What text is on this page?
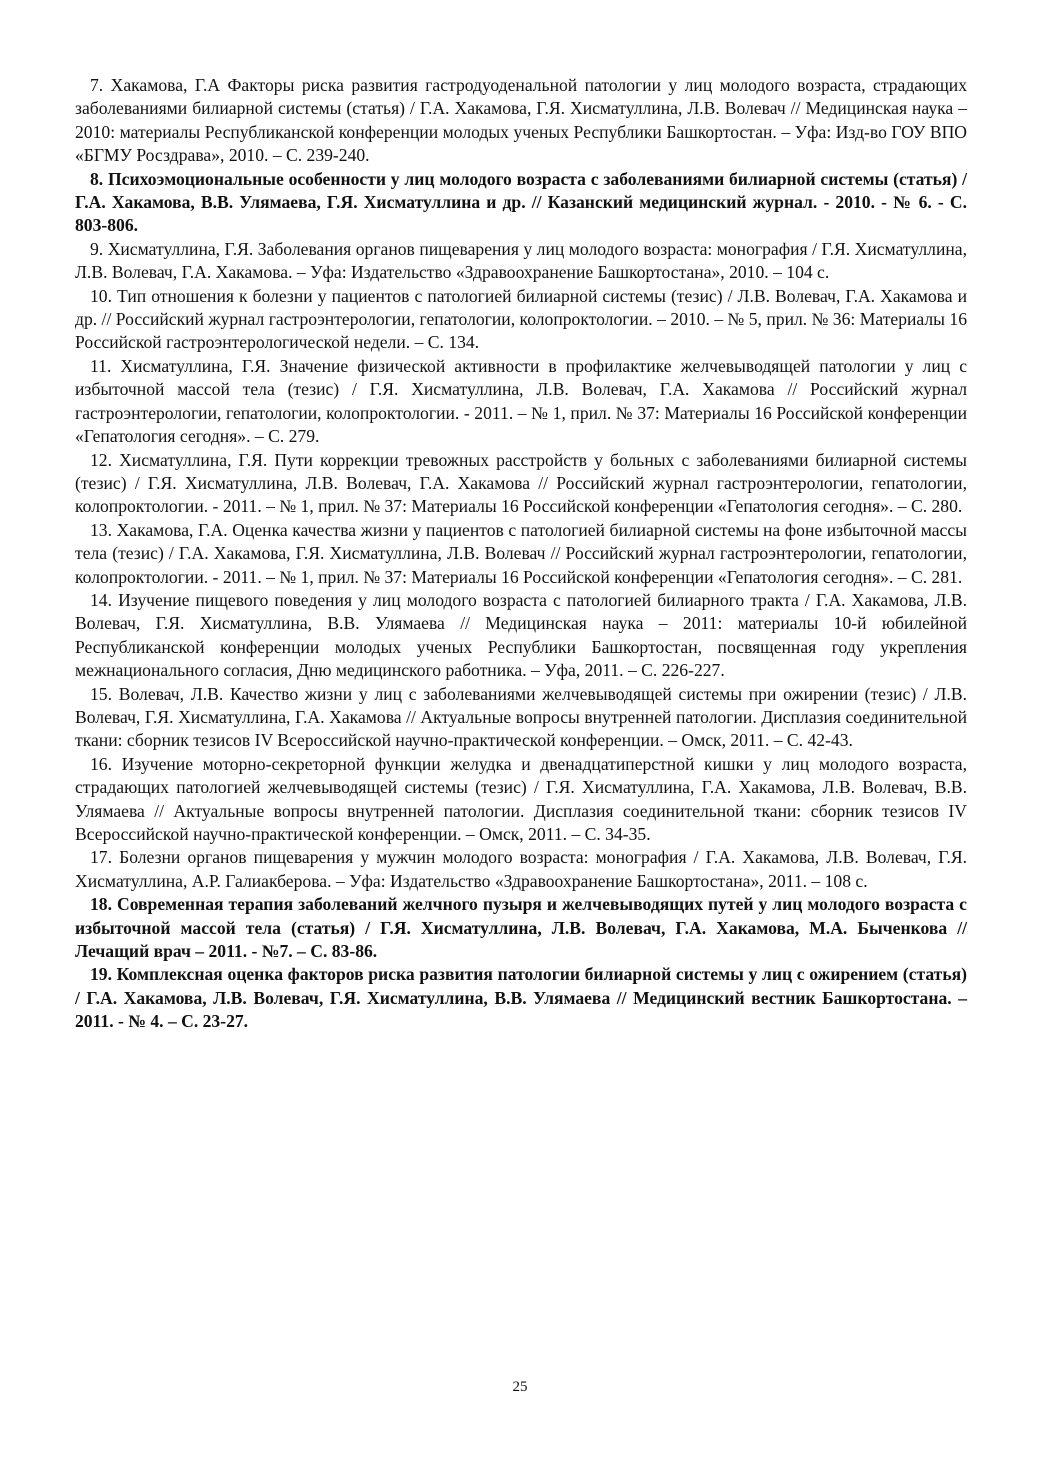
7. Хакамова, Г.А Факторы риска развития гастродуоденальной патологии у лиц молодого возраста, страдающих заболеваниями билиарной системы (статья) / Г.А. Хакамова, Г.Я. Хисматуллина, Л.В. Волевач // Медицинская наука – 2010: материалы Республиканской конференции молодых ученых Республики Башкортостан. – Уфа: Изд-во ГОУ ВПО «БГМУ Росздрава», 2010. – С. 239-240.

8. Психоэмоциональные особенности у лиц молодого возраста с заболеваниями билиарной системы (статья) / Г.А. Хакамова, В.В. Улямаева, Г.Я. Хисматуллина и др. // Казанский медицинский журнал. - 2010. - № 6. - С. 803-806.

9. Хисматуллина, Г.Я. Заболевания органов пищеварения у лиц молодого возраста: монография / Г.Я. Хисматуллина, Л.В. Волевач, Г.А. Хакамова. – Уфа: Издательство «Здравоохранение Башкортостана», 2010. – 104 с.

10. Тип отношения к болезни у пациентов с патологией билиарной системы (тезис) / Л.В. Волевач, Г.А. Хакамова и др. // Российский журнал гастроэнтерологии, гепатологии, колопроктологии. – 2010. – № 5, прил. № 36: Материалы 16 Российской гастроэнтерологической недели. – С. 134.

11. Хисматуллина, Г.Я. Значение физической активности в профилактике желчевыводящей патологии у лиц с избыточной массой тела (тезис) / Г.Я. Хисматуллина, Л.В. Волевач, Г.А. Хакамова // Российский журнал гастроэнтерологии, гепатологии, колопроктологии. - 2011. – № 1, прил. № 37: Материалы 16 Российской конференции «Гепатология сегодня». – С. 279.

12. Хисматуллина, Г.Я. Пути коррекции тревожных расстройств у больных с заболеваниями билиарной системы (тезис) / Г.Я. Хисматуллина, Л.В. Волевач, Г.А. Хакамова // Российский журнал гастроэнтерологии, гепатологии, колопроктологии. - 2011. – № 1, прил. № 37: Материалы 16 Российской конференции «Гепатология сегодня». – С. 280.

13. Хакамова, Г.А. Оценка качества жизни у пациентов с патологией билиарной системы на фоне избыточной массы тела (тезис) / Г.А. Хакамова, Г.Я. Хисматуллина, Л.В. Волевач // Российский журнал гастроэнтерологии, гепатологии, колопроктологии. - 2011. – № 1, прил. № 37: Материалы 16 Российской конференции «Гепатология сегодня». – С. 281.

14. Изучение пищевого поведения у лиц молодого возраста с патологией билиарного тракта / Г.А. Хакамова, Л.В. Волевач, Г.Я. Хисматуллина, В.В. Улямаева // Медицинская наука – 2011: материалы 10-й юбилейной Республиканской конференции молодых ученых Республики Башкортостан, посвященная году укрепления межнационального согласия, Дню медицинского работника. – Уфа, 2011. – С. 226-227.

15. Волевач, Л.В. Качество жизни у лиц с заболеваниями желчевыводящей системы при ожирении (тезис) / Л.В. Волевач, Г.Я. Хисматуллина, Г.А. Хакамова // Актуальные вопросы внутренней патологии. Дисплазия соединительной ткани: сборник тезисов IV Всероссийской научно-практической конференции. – Омск, 2011. – С. 42-43.

16. Изучение моторно-секреторной функции желудка и двенадцатиперстной кишки у лиц молодого возраста, страдающих патологией желчевыводящей системы (тезис) / Г.Я. Хисматуллина, Г.А. Хакамова, Л.В. Волевач, В.В. Улямаева // Актуальные вопросы внутренней патологии. Дисплазия соединительной ткани: сборник тезисов IV Всероссийской научно-практической конференции. – Омск, 2011. – С. 34-35.

17. Болезни органов пищеварения у мужчин молодого возраста: монография / Г.А. Хакамова, Л.В. Волевач, Г.Я. Хисматуллина, А.Р. Галиакберова. – Уфа: Издательство «Здравоохранение Башкортостана», 2011. – 108 с.

18. Современная терапия заболеваний желчного пузыря и желчевыводящих путей у лиц молодого возраста с избыточной массой тела (статья) / Г.Я. Хисматуллина, Л.В. Волевач, Г.А. Хакамова, М.А. Быченкова // Лечащий врач – 2011. - №7. – С. 83-86.

19. Комплексная оценка факторов риска развития патологии билиарной системы у лиц с ожирением (статья) / Г.А. Хакамова, Л.В. Волевач, Г.Я. Хисматуллина, В.В. Улямаева // Медицинский вестник Башкортостана. – 2011. - № 4. – С. 23-27.

25
